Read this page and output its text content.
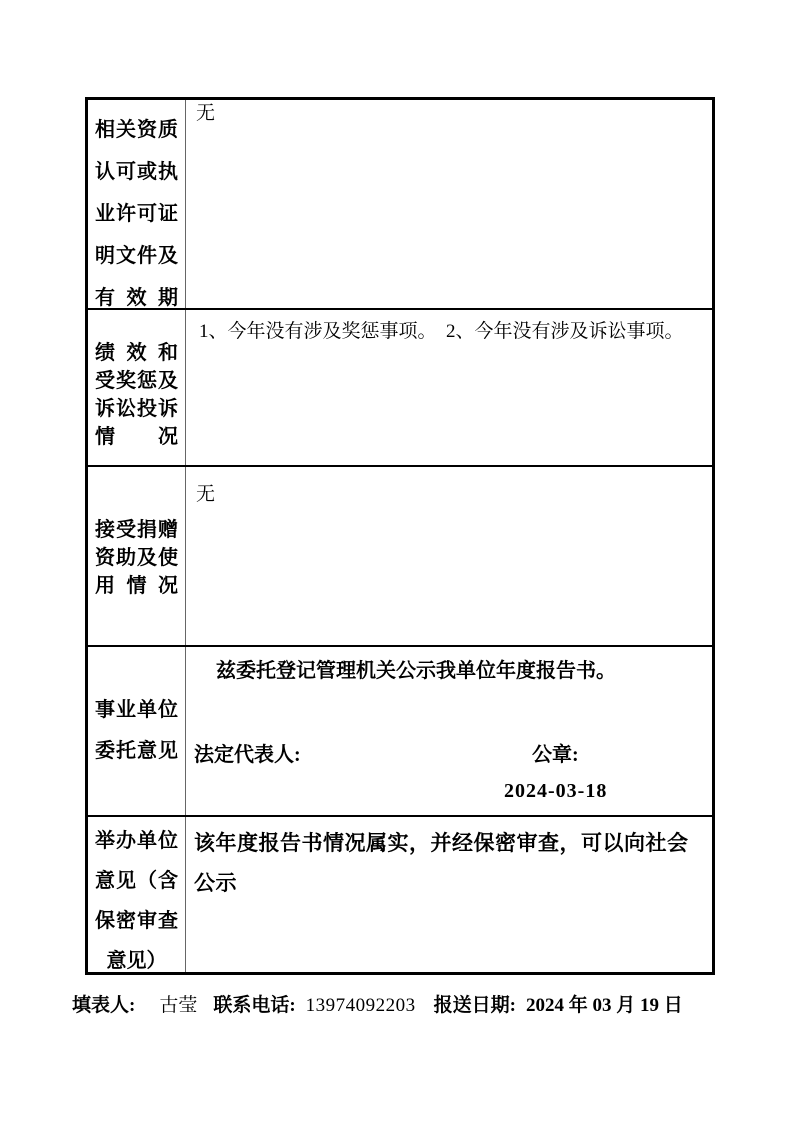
相关资质
认可或执
业许可证
明文件及
有效期
无
绩效和
受奖惩及
诉讼投诉
情况
1、今年没有涉及奖惩事项。　2、今年没有涉及诉讼事项。
接受捐赠
资助及使
用情况
无
事业单位
委托意见
兹委托登记管理机关公示我单位年度报告书。
法定代表人:	公章:
2024-03-18
举办单位
意见（含
保密审查
意见）
该年度报告书情况属实，并经保密审查，可以向社会公示
填表人: 古莹 联系电话: 13974092203 报送日期: 2024 年 03 月 19 日
